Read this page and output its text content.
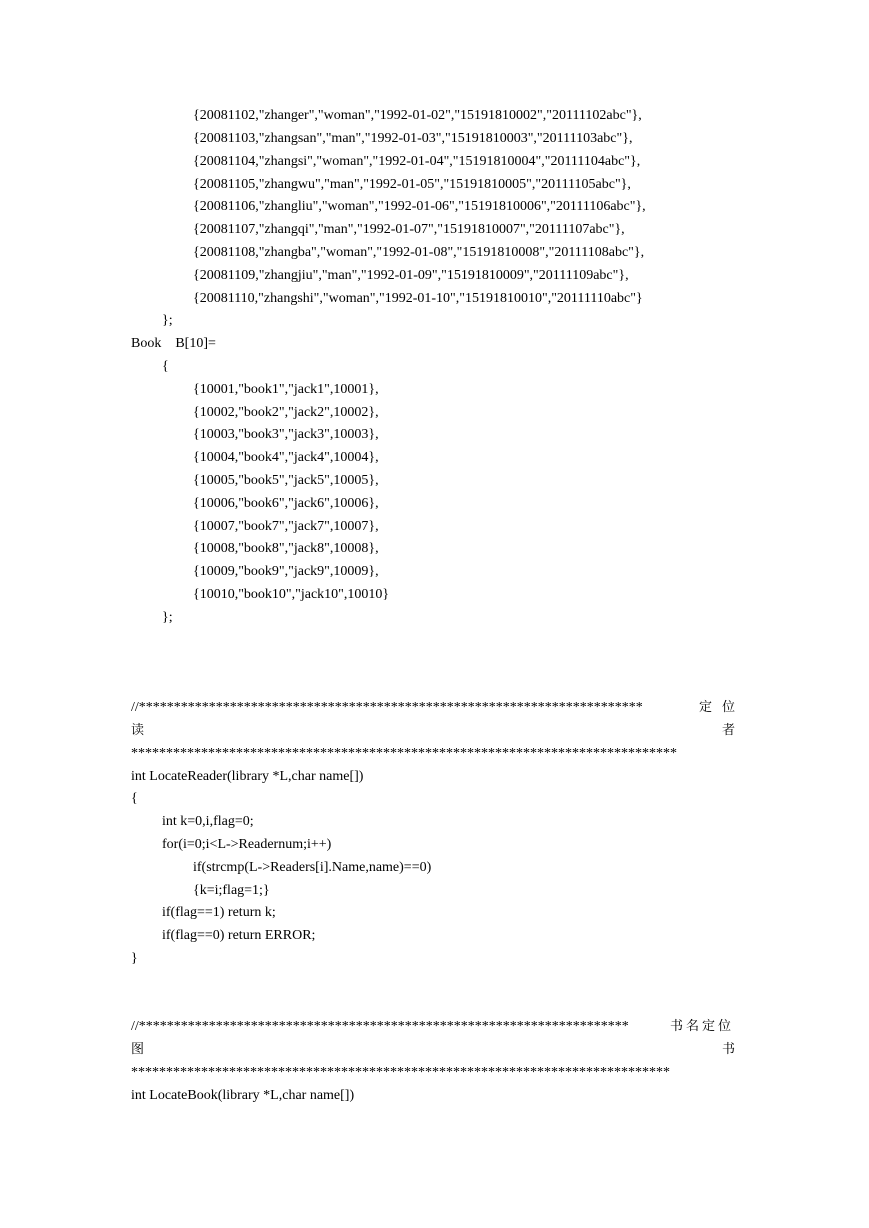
{20081102,"zhanger","woman","1992-01-02","15191810002","20111102abc"},
{20081103,"zhangsan","man","1992-01-03","15191810003","20111103abc"},
{20081104,"zhangsi","woman","1992-01-04","15191810004","20111104abc"},
{20081105,"zhangwu","man","1992-01-05","15191810005","20111105abc"},
{20081106,"zhangliu","woman","1992-01-06","15191810006","20111106abc"},
{20081107,"zhangqi","man","1992-01-07","15191810007","20111107abc"},
{20081108,"zhangba","woman","1992-01-08","15191810008","20111108abc"},
{20081109,"zhangjiu","man","1992-01-09","15191810009","20111109abc"},
{20081110,"zhangshi","woman","1992-01-10","15191810010","20111110abc"}
};
Book    B[10]=
{
{10001,"book1","jack1",10001},
{10002,"book2","jack2",10002},
{10003,"book3","jack3",10003},
{10004,"book4","jack4",10004},
{10005,"book5","jack5",10005},
{10006,"book6","jack6",10006},
{10007,"book7","jack7",10007},
{10008,"book8","jack8",10008},
{10009,"book9","jack9",10009},
{10010,"book10","jack10",10010}
};
//************************************************************************	定 位
读	者
******************************************************************************
int LocateReader(library *L,char name[])
{
int k=0,i,flag=0;
for(i=0;i<L->Readernum;i++)
if(strcmp(L->Readers[i].Name,name)==0)
{k=i;flag=1;}
if(flag==1) return k;
if(flag==0) return ERROR;
}
//**********************************************************************	书名定位
图	书
*****************************************************************************
int LocateBook(library *L,char name[])
